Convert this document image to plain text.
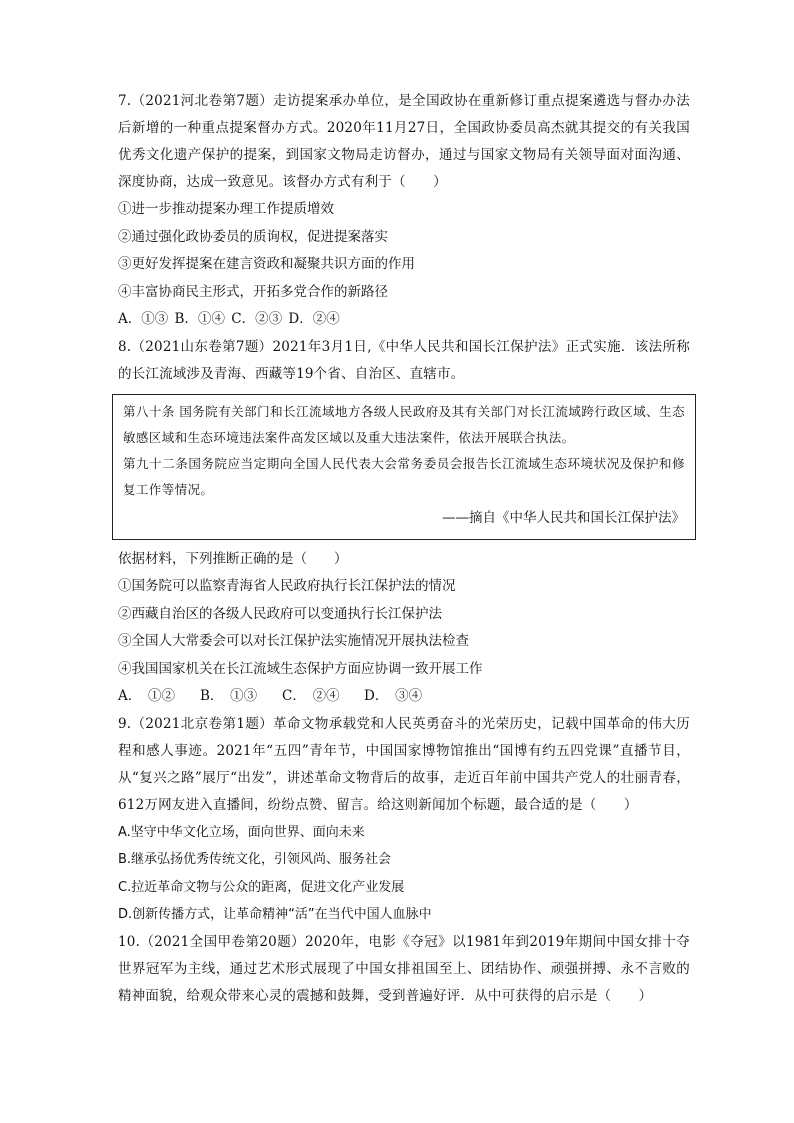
7.（2021河北卷第7题）走访提案承办单位，是全国政协在重新修订重点提案遴选与督办办法后新增的一种重点提案督办方式。2020年11月27日，全国政协委员高杰就其提交的有关我国优秀文化遗产保护的提案，到国家文物局走访督办，通过与国家文物局有关领导面对面沟通、深度协商，达成一致意见。该督办方式有利于（　　）

①进一步推动提案办理工作提质增效

②通过强化政协委员的质询权，促进提案落实

③更好发挥提案在建言资政和凝聚共识方面的作用

④丰富协商民主形式，开拓多党合作的新路径

A．①③ B．①④ C．②③ D．②④

8.（2021山东卷第7题）2021年3月1日,《中华人民共和国长江保护法》正式实施．该法所称的长江流域涉及青海、西藏等19个省、自治区、直辖市。

第八十条 国务院有关部门和长江流域地方各级人民政府及其有关部门对长江流域跨行政区域、生态敏感区域和生态环境违法案件高发区域以及重大违法案件，依法开展联合执法。

第九十二条国务院应当定期向全国人民代表大会常务委员会报告长江流域生态环境状况及保护和修复工作等情况。

——摘自《中华人民共和国长江保护法》

依据材料，下列推断正确的是（　　）

①国务院可以监察青海省人民政府执行长江保护法的情况

②西藏自治区的各级人民政府可以变通执行长江保护法

③全国人大常委会可以对长江保护法实施情况开展执法检查

④我国国家机关在长江流域生态保护方面应协调一致开展工作

A．　①② B．　①③ C．　②④ D．　③④

9.（2021北京卷第1题）革命文物承载党和人民英勇奋斗的光荣历史，记载中国革命的伟大历程和感人事迹。2021年“五四”青年节，中国国家博物馆推出“国博有约五四党课”直播节目，从“复兴之路”展厅“出发”，讲述革命文物背后的故事，走近百年前中国共产党人的壮丽青春，612万网友进入直播间，纷纷点赞、留言。给这则新闻加个标题，最合适的是（　　）

A.坚守中华文化立场，面向世界、面向未来

B.继承弘扬优秀传统文化，引领风尚、服务社会

C.拉近革命文物与公众的距离，促进文化产业发展

D.创新传播方式，让革命精神“活”在当代中国人血脉中

10.（2021全国甲卷第20题）2020年，电影《夺冠》以1981年到2019年期间中国女排十夺世界冠军为主线，通过艺术形式展现了中国女排祖国至上、团结协作、顽强拼搏、永不言败的精神面貌，给观众带来心灵的震撼和鼓舞，受到普遍好评．从中可获得的启示是（　　）
